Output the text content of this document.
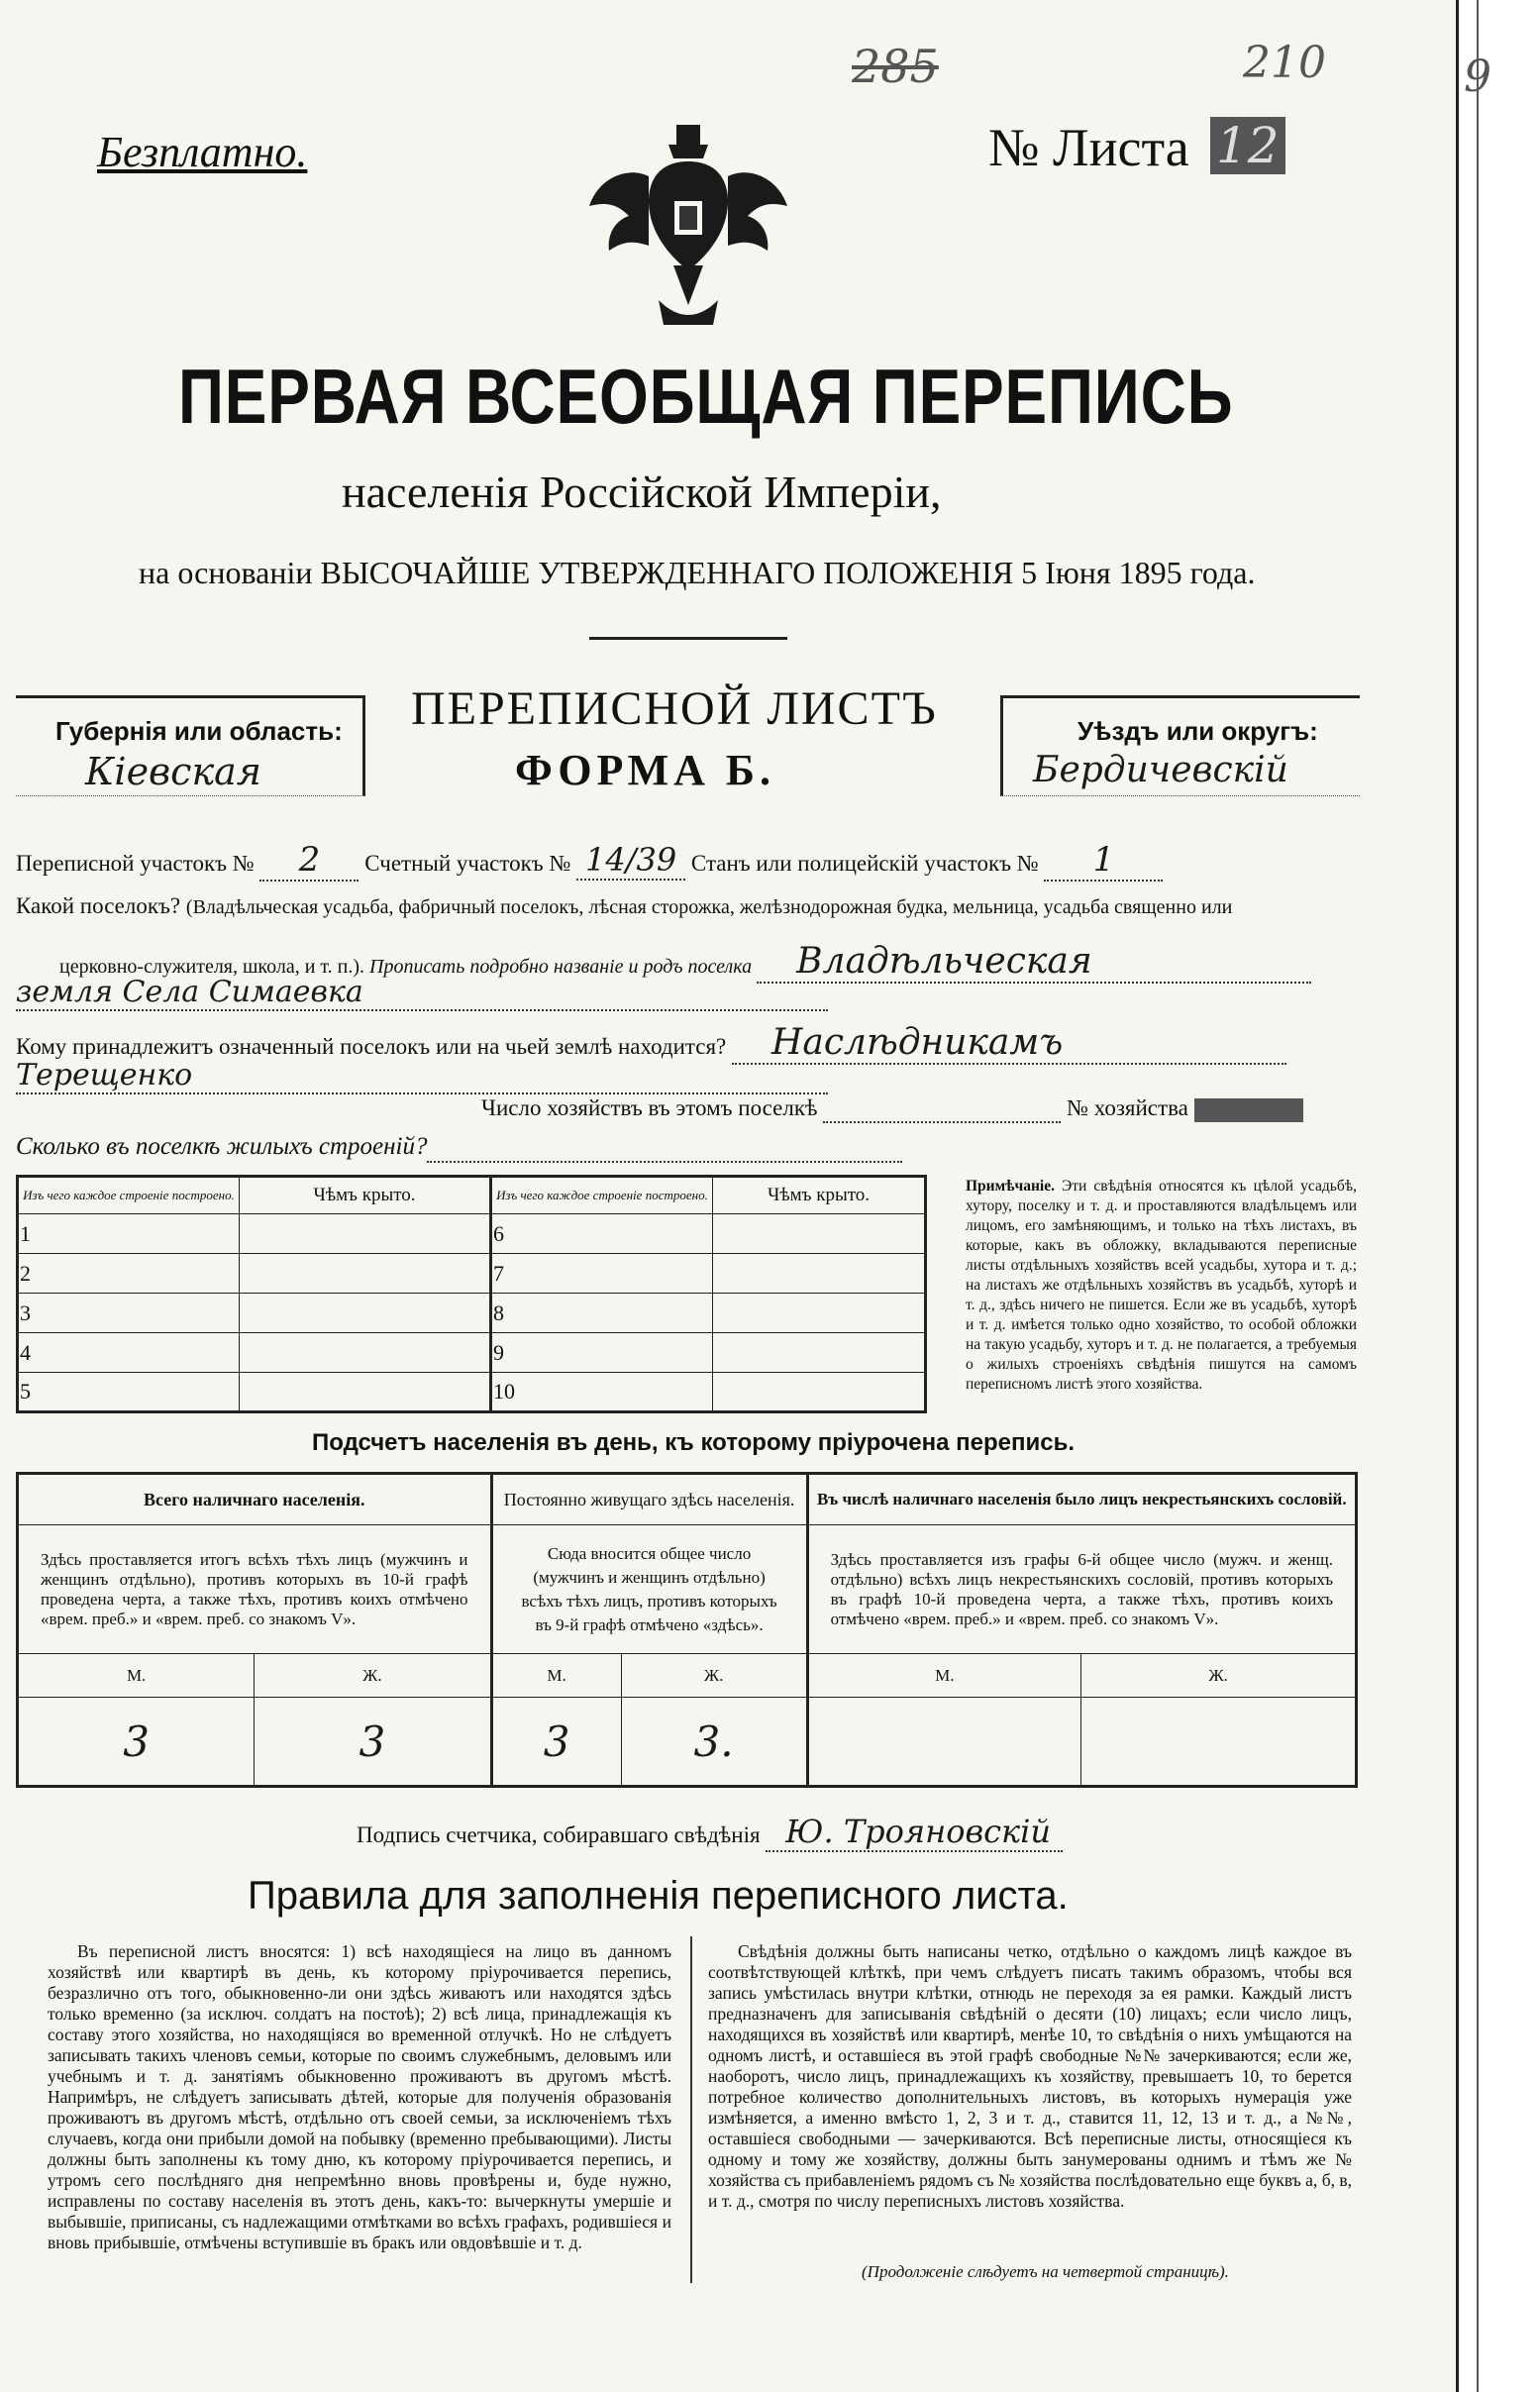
285	210	9
Безплатно.	№ Листа 12
ПЕРВАЯ ВСЕОБЩАЯ ПЕРЕПИСЬ
населенія Россійской Имперіи,
на основаніи ВЫСОЧАЙШЕ УТВЕРЖДЕННАГО ПОЛОЖЕНІЯ 5 Іюня 1895 года.
Губернія или область:
Кіевская
ПЕРЕПИСНОЙ ЛИСТЪ
ФОРМА Б.
Уѣздъ или округъ:
Бердичевскій
Переписной участокъ № 2 Счетный участокъ № 14/39 Станъ или полицейскій участокъ № 1
Какой поселокъ? (Владѣльческая усадьба, фабричный поселокъ, лѣсная сторожка, желѣзнодорожная будка, мельница, усадьба священно или
церковно-служителя, школа, и т. п.). Прописать подробно названіе и родъ поселка Владѣльческая
земля Села Симаевка
Кому принадлежитъ означенный поселокъ или на чьей землѣ находится? Наслѣдникамъ
Терещенко
Число хозяйствъ въ этомъ поселкѣ	№ хозяйства
Сколько въ поселкѣ жилыхъ строеній?
Изъ чего каждое строеніе построено.	Чѣмъ крыто.	Изъ чего каждое строеніе построено.	Чѣмъ крыто.
1		6	
2		7	
3		8	
4		9	
5		10	
Примѣчаніе. Эти свѣдѣнія относятся къ цѣлой усадьбѣ, хутору, поселку и т. д. и проставляются владѣльцемъ или лицомъ, его замѣняющимъ, и только на тѣхъ листахъ, въ которые, какъ въ обложку, вкладываются переписные листы отдѣльныхъ хозяйствъ всей усадьбы, хутора и т. д.; на листахъ же отдѣльныхъ хозяйствъ въ усадьбѣ, хуторѣ и т. д., здѣсь ничего не пишется. Если же въ усадьбѣ, хуторѣ и т. д. имѣется только одно хозяйство, то особой обложки на такую усадьбу, хуторъ и т. д. не полагается, а требуемыя о жилыхъ строеніяхъ свѣдѣнія пишутся на самомъ переписномъ листѣ этого хозяйства.
Подсчетъ населенія въ день, къ которому пріурочена перепись.
Всего наличнаго населенія.		Постоянно живущаго здѣсь населенія.		Въ числѣ наличнаго населенія было лицъ некрестьянскихъ сословій.	
Здѣсь проставляется итогъ всѣхъ тѣхъ лицъ (мужчинъ и женщинъ отдѣльно), противъ которыхъ въ 10-й графѣ проведена черта, а также тѣхъ, противъ коихъ отмѣчено «врем. преб.» и «врем. преб. со знакомъ V».		Сюда вносится общее число (мужчинъ и женщинъ отдѣльно) всѣхъ тѣхъ лицъ, противъ которыхъ въ 9-й графѣ отмѣчено «здѣсь».		Здѣсь проставляется изъ графы 6-й общее число (мужч. и женщ. отдѣльно) всѣхъ лицъ некрестьянскихъ сословій, противъ которыхъ въ графѣ 10-й проведена черта, а также тѣхъ, противъ коихъ отмѣчено «врем. преб.» и «врем. преб. со знакомъ V».	
М.	Ж.	М.	Ж.	М.	Ж.
3	3	3	3.		
Подпись счетчика, собиравшаго свѣдѣнія Ю. Трояновскій
Правила для заполненія переписного листа.
Въ переписной листъ вносятся: 1) всѣ находящіеся на лицо въ данномъ хозяйствѣ или квартирѣ въ день, къ которому пріурочивается перепись, безразлично отъ того, обыкновенно-ли они здѣсь живаютъ или находятся здѣсь только временно (за исключ. солдатъ на постоѣ); 2) всѣ лица, принадлежащія къ составу этого хозяйства, но находящіяся во временной отлучкѣ. Но не слѣдуетъ записывать такихъ членовъ семьи, которые по своимъ служебнымъ, деловымъ или учебнымъ и т. д. занятіямъ обыкновенно проживаютъ въ другомъ мѣстѣ. Напримѣръ, не слѣдуетъ записывать дѣтей, которые для полученія образованія проживаютъ въ другомъ мѣстѣ, отдѣльно отъ своей семьи, за исключеніемъ тѣхъ случаевъ, когда они прибыли домой на побывку (временно пребывающими). Листы должны быть заполнены къ тому дню, къ которому пріурочивается перепись, и утромъ сего послѣдняго дня непремѣнно вновь провѣрены и, буде нужно, исправлены по составу населенія въ этотъ день, какъ-то: вычеркнуты умершіе и выбывшіе, приписаны, съ надлежащими отмѣтками во всѣхъ графахъ, родившіеся и вновь прибывшіе, отмѣчены вступившіе въ бракъ или овдовѣвшіе и т. д.
Свѣдѣнія должны быть написаны четко, отдѣльно о каждомъ лицѣ каждое въ соотвѣтствующей клѣткѣ, при чемъ слѣдуетъ писать такимъ образомъ, чтобы вся запись умѣстилась внутри клѣтки, отнюдь не переходя за ея рамки. Каждый листъ предназначенъ для записыванія свѣдѣній о десяти (10) лицахъ; если число лицъ, находящихся въ хозяйствѣ или квартирѣ, менѣе 10, то свѣдѣнія о нихъ умѣщаются на одномъ листѣ, и оставшіеся въ этой графѣ свободные №№ зачеркиваются; если же, наоборотъ, число лицъ, принадлежащихъ къ хозяйству, превышаетъ 10, то берется потребное количество дополнительныхъ листовъ, въ которыхъ нумерація уже измѣняется, а именно вмѣсто 1, 2, 3 и т. д., ставится 11, 12, 13 и т. д., а №№, оставшіеся свободными — зачеркиваются. Всѣ переписные листы, относящіеся къ одному и тому же хозяйству, должны быть занумерованы однимъ и тѣмъ же № хозяйства съ прибавленіемъ рядомъ съ № хозяйства послѣдовательно еще буквъ а, б, в, и т. д., смотря по числу переписныхъ листовъ хозяйства.
(Продолженіе слѣдуетъ на четвертой страницѣ).
